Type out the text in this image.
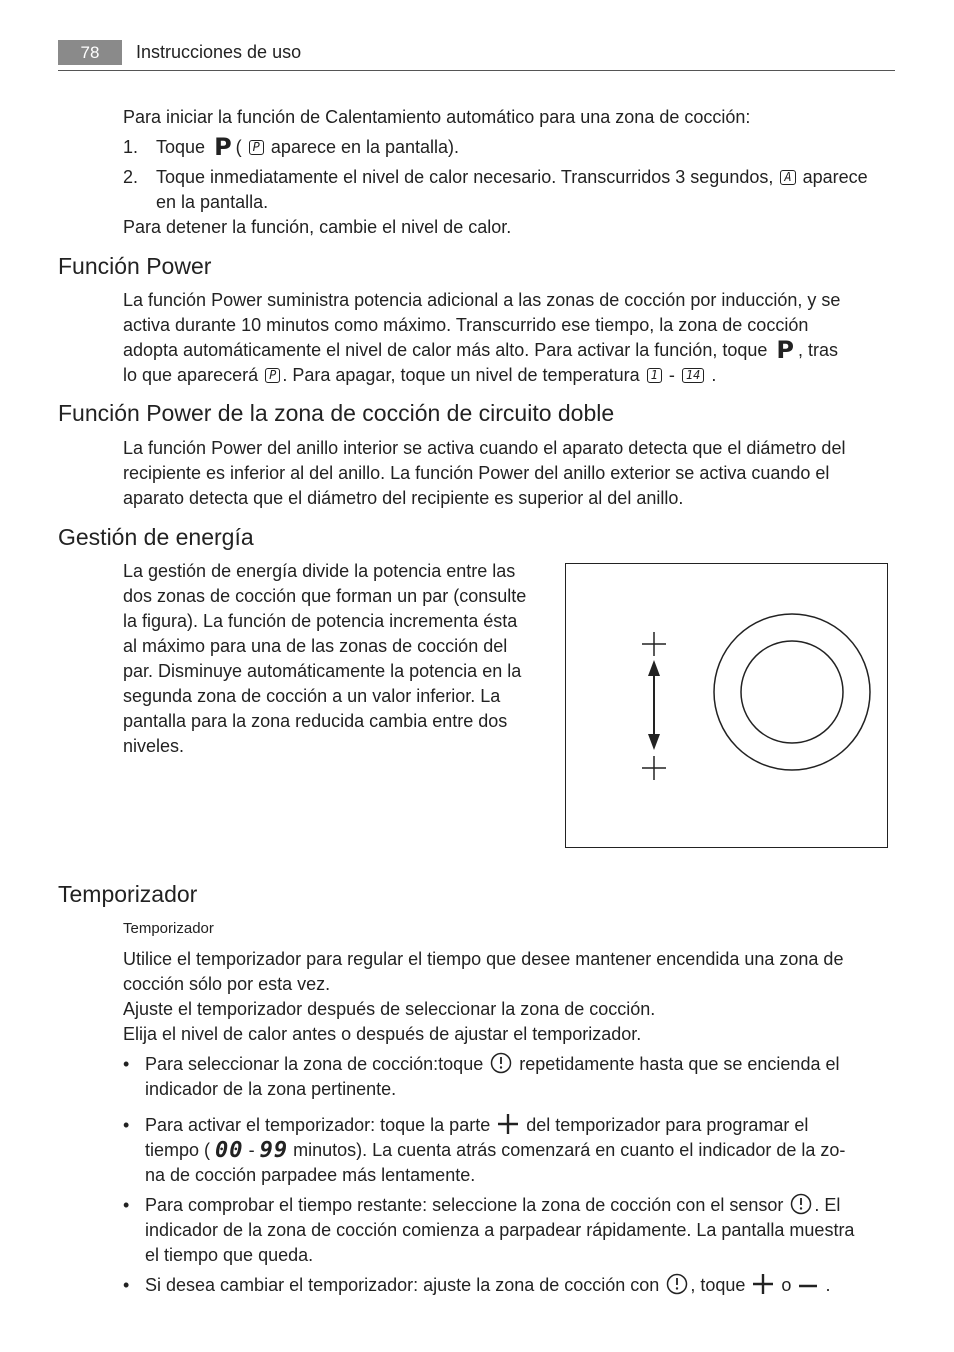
78	Instrucciones de uso
Para iniciar la función de Calentamiento automático para una zona de cocción:
1. Toque P ( P aparece en la pantalla).
2. Toque inmediatamente el nivel de calor necesario. Transcurridos 3 segundos, A aparece
en la pantalla.
Para detener la función, cambie el nivel de calor.
Función Power
La función Power suministra potencia adicional a las zonas de cocción por inducción, y se
activa durante 10 minutos como máximo. Transcurrido ese tiempo, la zona de cocción
adopta automáticamente el nivel de calor más alto. Para activar la función, toque P , tras
lo que aparecerá P . Para apagar, toque un nivel de temperatura 1 - 14 .
Función Power de la zona de cocción de circuito doble
La función Power del anillo interior se activa cuando el aparato detecta que el diámetro del
recipiente es inferior al del anillo. La función Power del anillo exterior se activa cuando el
aparato detecta que el diámetro del recipiente es superior al del anillo.
Gestión de energía
La gestión de energía divide la potencia entre las
dos zonas de cocción que forman un par (consulte
la figura). La función de potencia incrementa ésta
al máximo para una de las zonas de cocción del
par. Disminuye automáticamente la potencia en la
segunda zona de cocción a un valor inferior. La
pantalla para la zona reducida cambia entre dos
niveles.
Temporizador
Temporizador
Utilice el temporizador para regular el tiempo que desee mantener encendida una zona de
cocción sólo por esta vez.
Ajuste el temporizador después de seleccionar la zona de cocción.
Elija el nivel de calor antes o después de ajustar el temporizador.
• Para seleccionar la zona de cocción:toque repetidamente hasta que se encienda el
indicador de la zona pertinente.
• Para activar el temporizador: toque la parte del temporizador para programar el
tiempo ( 00 - 99 minutos). La cuenta atrás comenzará en cuanto el indicador de la zo-
na de cocción parpadee más lentamente.
• Para comprobar el tiempo restante: seleccione la zona de cocción con el sensor . El
indicador de la zona de cocción comienza a parpadear rápidamente. La pantalla muestra
el tiempo que queda.
• Si desea cambiar el temporizador: ajuste la zona de cocción con , toque o .
